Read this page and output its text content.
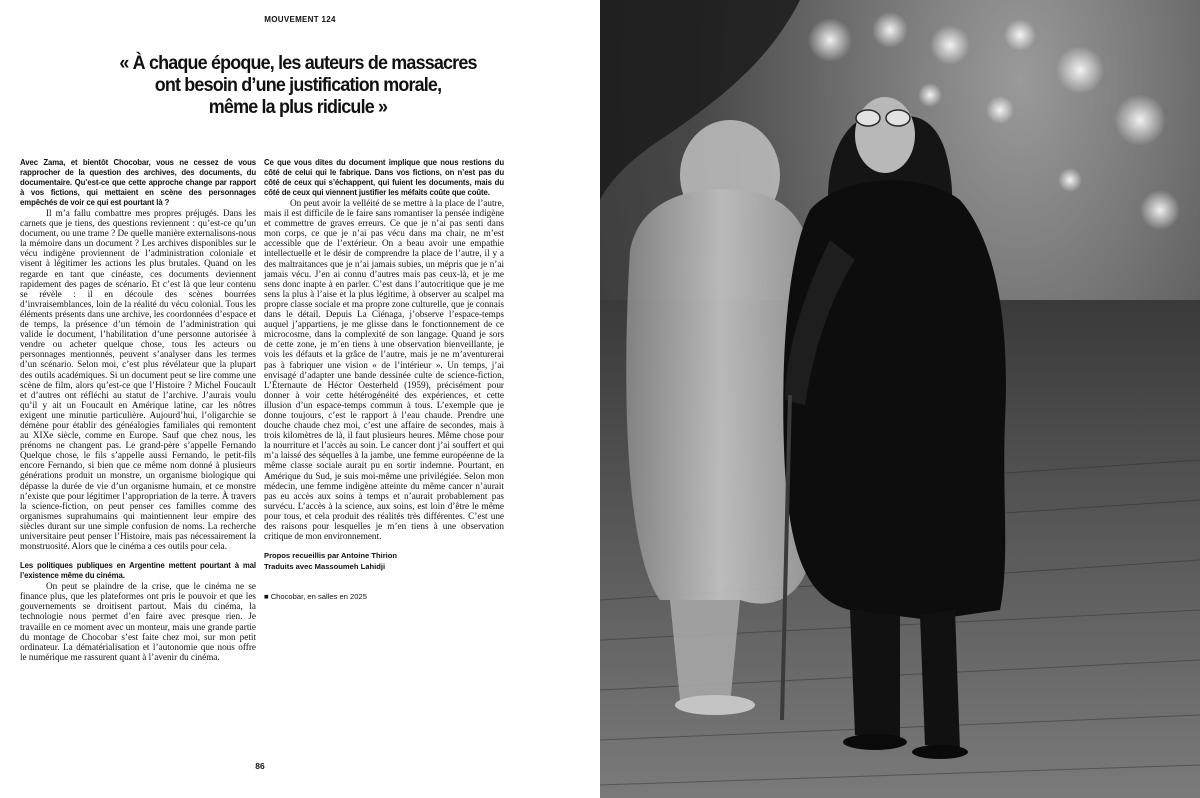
MOUVEMENT 124
« À chaque époque, les auteurs de massacres
ont besoin d’une justification morale,
même la plus ridicule »

Avec Zama, et bientôt Chocobar, vous ne cessez de vous rapprocher de la question des archives, des documents, du documentaire. Qu’est-ce que cette approche change par rapport à vos fictions, qui mettaient en scène des personnages empêchés de voir ce qui est pourtant là ?

Il m’a fallu combattre mes propres préjugés. Dans les carnets que je tiens, des questions reviennent : qu’est-ce qu’un document, ou une trame ? De quelle manière externalisons-nous la mémoire dans un document ? Les archives disponibles sur le vécu indigène proviennent de l’administration coloniale et visent à légitimer les actions les plus brutales. Quand on les regarde en tant que cinéaste, ces documents deviennent rapidement des pages de scénario. Et c’est là que leur contenu se révèle : il en découle des scènes bourrées d’invraisemblances, loin de la réalité du vécu colonial. Tous les éléments présents dans une archive, les coordonnées d’espace et de temps, la présence d’un témoin de l’administration qui valide le document, l’habilitation d’une personne autorisée à vendre ou acheter quelque chose, tous les acteurs ou personnages mentionnés, peuvent s’analyser dans les termes d’un scénario. Selon moi, c’est plus révélateur que la plupart des outils académiques. Si un document peut se lire comme une scène de film, alors qu’est-ce que l’Histoire ? Michel Foucault et d’autres ont réfléchi au statut de l’archive. J’aurais voulu qu’il y ait un Foucault en Amérique latine, car les nôtres exigent une minutie particulière. Aujourd’hui, l’oligarchie se démène pour établir des généalogies familiales qui remontent au XIXe siècle, comme en Europe. Sauf que chez nous, les prénoms ne changent pas. Le grand-père s’appelle Fernando Quelque chose, le fils s’appelle aussi Fernando, le petit-fils encore Fernando, si bien que ce même nom donné à plusieurs générations produit un monstre, un organisme biologique qui dépasse la durée de vie d’un organisme humain, et ce monstre n’existe que pour légitimer l’appropriation de la terre. À travers la science-fiction, on peut penser ces familles comme des organismes suprahumains qui maintiennent leur empire des siècles durant sur une simple confusion de noms. La recherche universitaire peut penser l’Histoire, mais pas nécessairement la monstruosité. Alors que le cinéma a ces outils pour cela.

Les politiques publiques en Argentine mettent pourtant à mal l’existence même du cinéma.

On peut se plaindre de la crise, que le cinéma ne se finance plus, que les plateformes ont pris le pouvoir et que les gouvernements se droitisent partout. Mais du cinéma, la technologie nous permet d’en faire avec presque rien. Je travaille en ce moment avec un monteur, mais une grande partie du montage de Chocobar s’est faite chez moi, sur mon petit ordinateur. La dématérialisation et l’autonomie que nous offre le numérique me rassurent quant à l’avenir du cinéma.

Ce que vous dites du document implique que nous restions du côté de celui qui le fabrique. Dans vos fictions, on n’est pas du côté de ceux qui s’échappent, qui fuient les documents, mais du côté de ceux qui viennent justifier les méfaits coûte que coûte.

On peut avoir la velléité de se mettre à la place de l’autre, mais il est difficile de le faire sans romantiser la pensée indigène et commettre de graves erreurs. Ce que je n’ai pas senti dans mon corps, ce que je n’ai pas vécu dans ma chair, ne m’est accessible que de l’extérieur. On a beau avoir une empathie intellectuelle et le désir de comprendre la place de l’autre, il y a des maltraitances que je n’ai jamais subies, un mépris que je n’ai jamais vécu. J’en ai connu d’autres mais pas ceux-là, et je me sens donc inapte à en parler. C’est dans l’autocritique que je me sens la plus à l’aise et la plus légitime, à observer au scalpel ma propre classe sociale et ma propre zone culturelle, que je connais dans le détail. Depuis La Ciénaga, j’observe l’espace-temps auquel j’appartiens, je me glisse dans le fonctionnement de ce microcosme, dans la complexité de son langage. Quand je sors de cette zone, je m’en tiens à une observation bienveillante, je vois les défauts et la grâce de l’autre, mais je ne m’aventurerai pas à fabriquer une vision « de l’intérieur ». Un temps, j’ai envisagé d’adapter une bande dessinée culte de science-fiction, L’Éternaute de Héctor Oesterheld (1959), précisément pour donner à voir cette hétérogénéité des expériences, et cette illusion d’un espace-temps commun à tous. L’exemple que je donne toujours, c’est le rapport à l’eau chaude. Prendre une douche chaude chez moi, c’est une affaire de secondes, mais à trois kilomètres de là, il faut plusieurs heures. Même chose pour la nourriture et l’accès au soin. Le cancer dont j’ai souffert et qui m’a laissé des séquelles à la jambe, une femme européenne de la même classe sociale aurait pu en sortir indemne. Pourtant, en Amérique du Sud, je suis moi-même une privilégiée. Selon mon médecin, une femme indigène atteinte du même cancer n’aurait pas eu accès aux soins à temps et n’aurait probablement pas survécu. L’accès à la science, aux soins, est loin d’être le même pour tous, et cela produit des réalités très différentes. C’est une des raisons pour lesquelles je m’en tiens à une observation critique de mon environnement.

Propos recueillis par Antoine Thirion

Traduits avec Massoumeh Lahidji

■ Chocobar, en salles en 2025

86
